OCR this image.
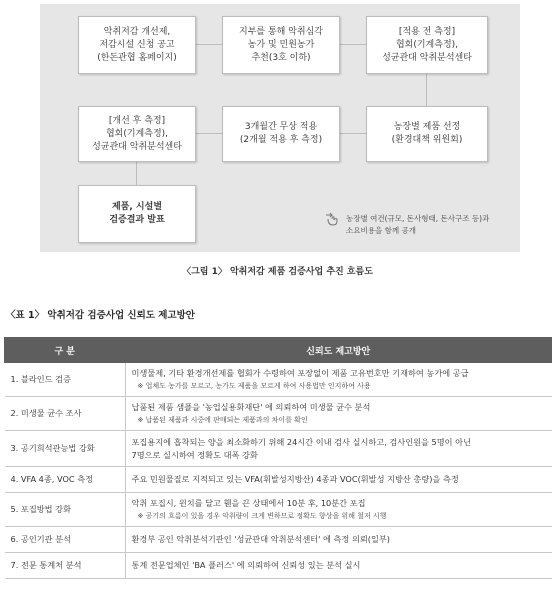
악취저감 개선제,
저감시설 신청 공고
(한돈관협 홈페이지)
지부를 통해 악취심각
농가 및 민원농가
추천(3호 이하)
[적용 전 측정]
협회(기계측정),
성균관대 악취분석센타
[개선 후 측정]
협회(기계측정),
성균관대 악취분석센타
3개월간 무상 적용
(2개월 적용 후 측정)
농장별 제품 선정
(환경대책 위원회)
제품, 시설별
검증결과 발표	농장별 여건(규모, 돈사형태, 돈사구조 등)과
소요비용을 함께 공개
〈그림 1〉 악취저감 제품 검증사업 추진 흐름도
〈표 1〉 악취저감 검증사업 신뢰도 제고방안
구 분	신뢰도 제고방안
1. 블라인드 검증	미생물제, 기타 환경개선제를 협회가 수령하여 포장없이 제품 고유번호만 기재하여 농가에 공급
※ 업체도 농가를 모르고, 농가도 제품을 모르게 하여 사용법만 인지하여 사용

2. 미생물 균수 조사	납품된 제품 샘플을 '농업실용화재단' 에 의뢰하여 미생물 균수 분석
※ 납품된 제품과 시중에 판매되는 제품과의 차이를 확인

3. 공기희석관능법 강화	포집용지에 흡착되는 양을 최소화하기 위해 24시간 이내 검사 실시하고, 검사인원을 5명이 아닌
7명으로 실시하여 정확도 대폭 강화

4. VFA 4종, VOC 측정	주요 민원물질로 지적되고 있는 VFA(휘발성지방산) 4종과 VOC(휘발성 지방산 총량)을 측정

5. 포집방법 강화	악취 포집시, 윈치를 달고 휀을 끈 상태에서 10분 후, 10분간 포집
※ 공기의 흐름이 있을 경우 악취량이 크게 변하므로 정확도 향상을 위해 철저 시행

6. 공인기관 분석	환경부 공인 악취분석기관인 '성균관대 악취분석센터' 에 측정 의뢰(일부)

7. 전문 통계처 분석	통계 전문업체인 'BA 플러스' 에 의뢰하여 신뢰성 있는 분석 실시
